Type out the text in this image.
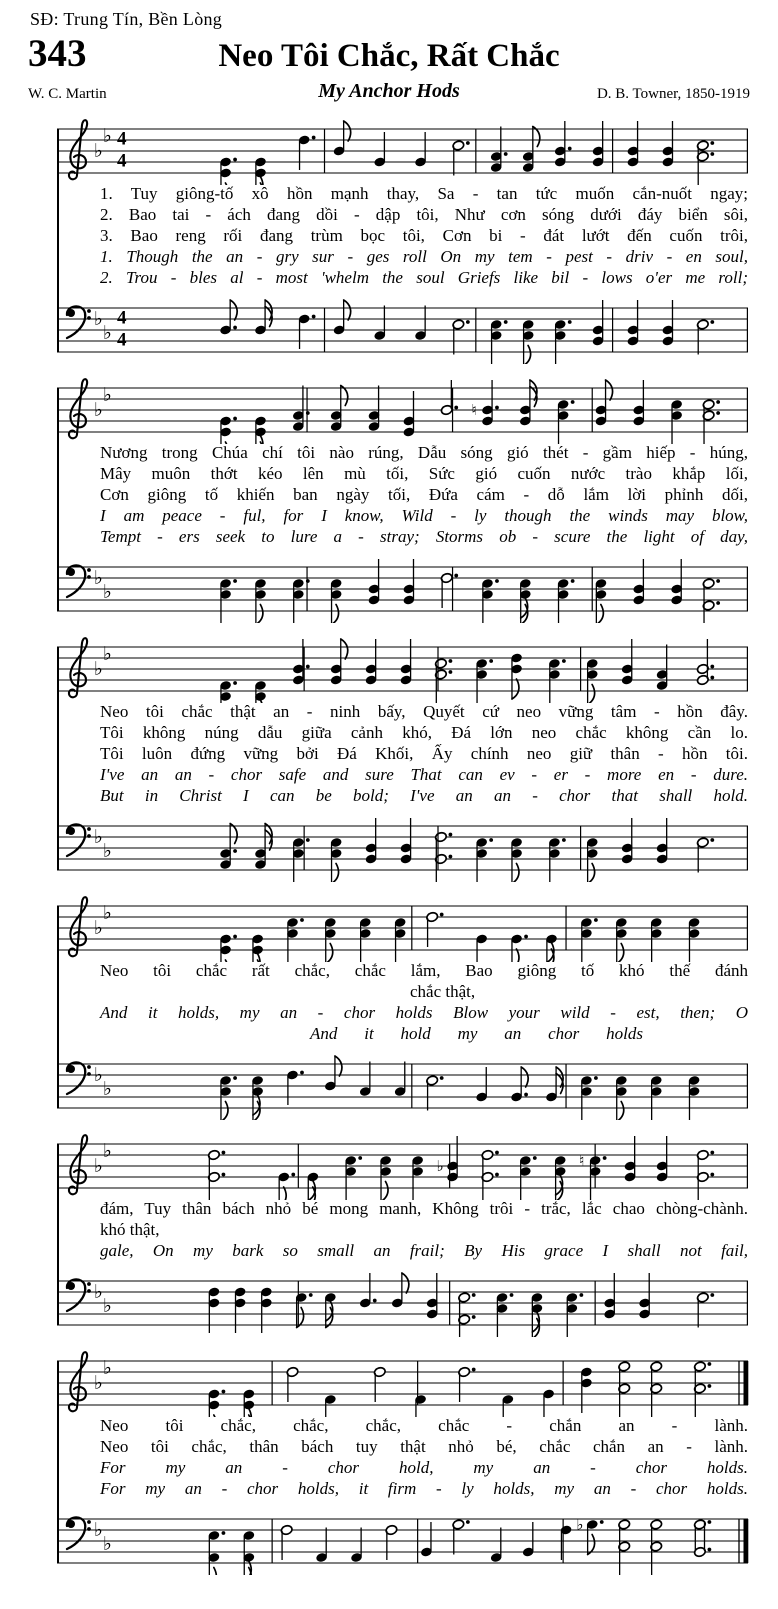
SĐ: Trung Tín, Bền Lòng
343	Neo Tôi Chắc, Rất Chắc
W. C. Martin	My Anchor Hods	D. B. Towner, 1850-1919
♭
♭ 4
4
1. Tuy giông-tố xô hồn mạnh thay, Sa - tan tức muốn cắn-nuốt ngay;
2. Bao tai - ách đang dồi - dập tôi, Như cơn sóng dưới đáy biển sôi,
3. Bao reng rối đang trùm bọc tôi, Cơn bi - đát lướt đến cuốn trôi,
1. Though the an - gry sur - ges roll On my tem - pest - driv - en soul,
2. Trou - bles al - most 'whelm the soul Griefs like bil - lows o'er me roll;
♭
♭
4
4
♭
♭
♮
Nương trong Chúa chí tôi nào rúng, Dẫu sóng gió thét - gầm hiếp - húng,
Mây muôn thớt kéo lên mù tối, Sức gió cuốn nước trào khắp lối,
Cơn giông tố khiến ban ngày tối, Đứa cám - dỗ lắm lời phỉnh dối,
I am peace - ful, for I know, Wild - ly though the winds may blow,
Tempt - ers seek to lure a - stray; Storms ob - scure the light of day,
♭
♭
♭
♭
Neo tôi chắc thật an - ninh bấy, Quyết cứ neo vững tâm - hồn đây.
Tôi không núng dẫu giữa cảnh khó, Đá lớn neo chắc không cần lo.
Tôi luôn đứng vững bởi Đá Khối, Ấy chính neo giữ thân - hồn tôi.
I've an an - chor safe and sure That can ev - er - more en - dure.
But in Christ I can be bold; I've an an - chor that shall hold.
♭
♭
♭
♭
Neo tôi chắc rất chắc, chắc lắm, Bao giông tố khó thế đánh
chắc thật,
And it holds, my an - chor holds Blow your wild - est, then; O
And it hold my an chor holds
♭
♭
♭
♭
♭	♮
đám, Tuy thân bách nhỏ bé mong manh, Không trôi - trắc, lắc chao chòng-chành.
khó thật,
gale, On my bark so small an frail; By His grace I shall not fail,
♭
♭
♭
♭
Neo tôi chắc, chắc, chắc, chắc - chắn an - lành.
Neo tôi chắc, thân bách tuy thật nhỏ bé, chắc chắn an - lành.
For my an - chor hold, my an - chor holds.
For my an - chor holds, it firm - ly holds, my an - chor holds.
♭
♭
♭
